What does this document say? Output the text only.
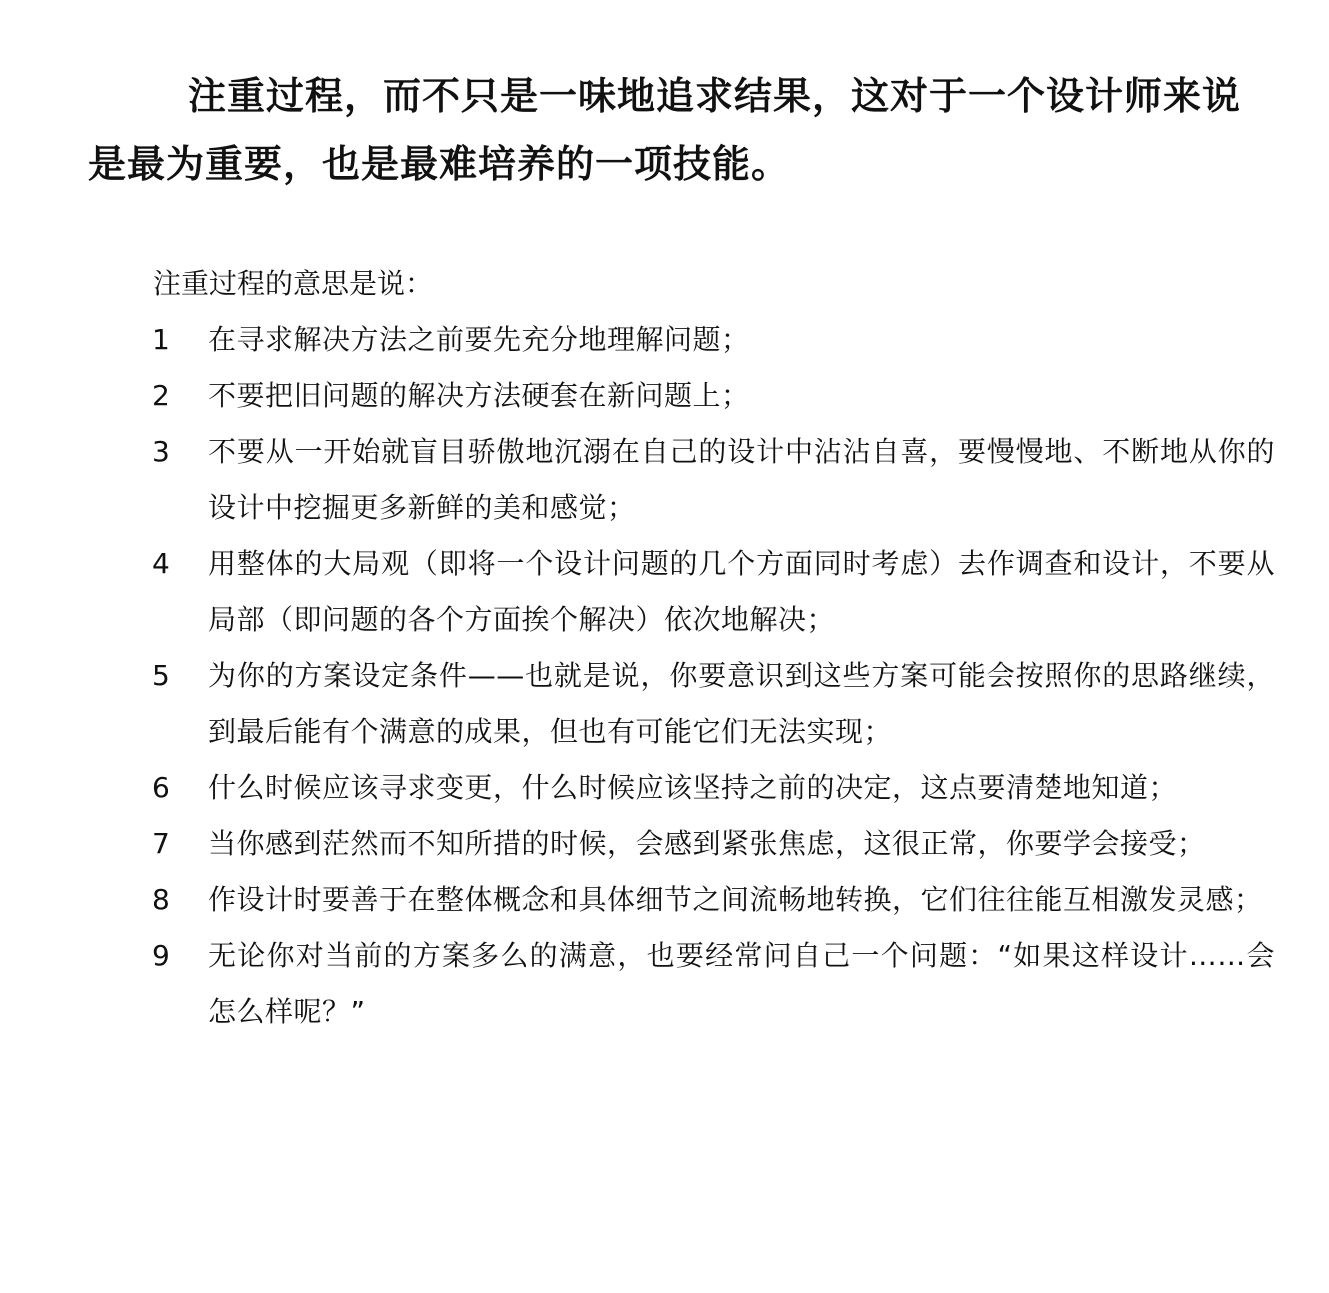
注重过程，而不只是一味地追求结果，这对于一个设计师来说是最为重要，也是最难培养的一项技能。

注重过程的意思是说：

1	在寻求解决方法之前要先充分地理解问题；
2	不要把旧问题的解决方法硬套在新问题上；
3	不要从一开始就盲目骄傲地沉溺在自己的设计中沾沾自喜，要慢慢地、不断地从你的设计中挖掘更多新鲜的美和感觉；
4	用整体的大局观（即将一个设计问题的几个方面同时考虑）去作调查和设计，不要从局部（即问题的各个方面挨个解决）依次地解决；
5	为你的方案设定条件——也就是说，你要意识到这些方案可能会按照你的思路继续，到最后能有个满意的成果，但也有可能它们无法实现；
6	什么时候应该寻求变更，什么时候应该坚持之前的决定，这点要清楚地知道；
7	当你感到茫然而不知所措的时候，会感到紧张焦虑，这很正常，你要学会接受；
8	作设计时要善于在整体概念和具体细节之间流畅地转换，它们往往能互相激发灵感；
9	无论你对当前的方案多么的满意，也要经常问自己一个问题：“如果这样设计……会怎么样呢？”
